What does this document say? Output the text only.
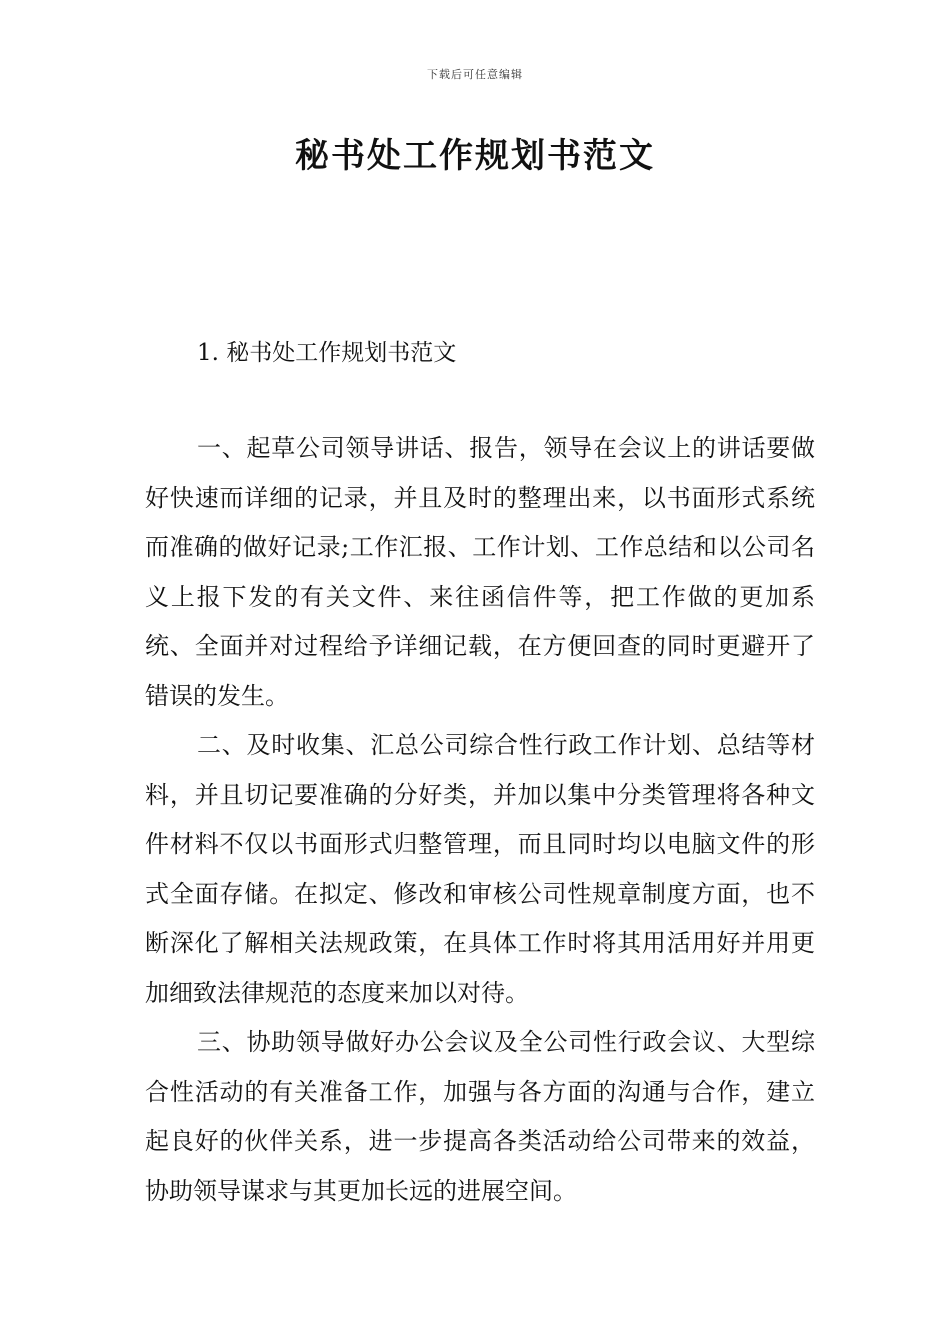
下载后可任意编辑
秘书处工作规划书范文
1. 秘书处工作规划书范文

一、起草公司领导讲话、报告，领导在会议上的讲话要做好快速而详细的记录，并且及时的整理出来，以书面形式系统而准确的做好记录;工作汇报、工作计划、工作总结和以公司名义上报下发的有关文件、来往函信件等，把工作做的更加系统、全面并对过程给予详细记载，在方便回查的同时更避开了错误的发生。

二、及时收集、汇总公司综合性行政工作计划、总结等材料，并且切记要准确的分好类，并加以集中分类管理将各种文件材料不仅以书面形式归整管理，而且同时均以电脑文件的形式全面存储。在拟定、修改和审核公司性规章制度方面，也不断深化了解相关法规政策，在具体工作时将其用活用好并用更加细致法律规范的态度来加以对待。

三、协助领导做好办公会议及全公司性行政会议、大型综合性活动的有关准备工作，加强与各方面的沟通与合作，建立起良好的伙伴关系，进一步提高各类活动给公司带来的效益，协助领导谋求与其更加长远的进展空间。
